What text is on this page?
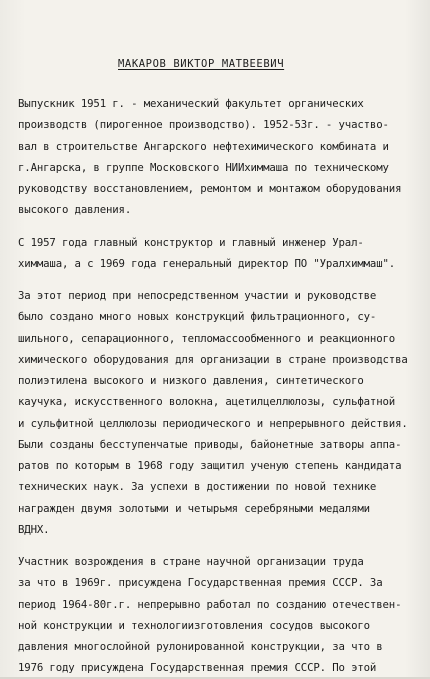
МАКАРОВ ВИКТОР МАТВЕЕВИЧ
Выпускник 1951 г. - механический факультет органических
производств (пирогенное производство). 1952-53г. - участво-
вал в строительстве Ангарского нефтехимического комбината и
г.Ангарска, в группе Московского НИИхиммаша по техническому
руководству восстановлением, ремонтом и монтажом оборудования
высокого давления.
С 1957 года главный конструктор и главный инженер Урал-
химмаша, а с 1969 года генеральный директор ПО "Уралхиммаш".
За этот период при непосредственном участии и руководстве
было создано много новых конструкций фильтрационного, су-
шильного, сепарационного, тепломассообменного и реакционного
химического оборудования для организации в стране производства
полиэтилена высокого и низкого давления, синтетического
каучука, искусственного волокна, ацетилцеллюлозы, сульфатной
и сульфитной целлюлозы периодического и непрерывного действия.
Были созданы бесступенчатые приводы, байонетные затворы аппа-
ратов по которым в 1968 году защитил ученую степень кандидата
технических наук. За успехи в достижении по новой технике
награжден двумя золотыми и четырьмя серебряными медалями
ВДНХ.
Участник возрождения в стране научной организации труда
за что в 1969г. присуждена Государственная премия СССР. За
период 1964-80г.г. непрерывно работал по созданию отечествен-
ной конструкции и технологиизготовления сосудов высокого
давления многослойной рулонированной конструкции, за что в
1976 году присуждена Государственная премия СССР. По этой
